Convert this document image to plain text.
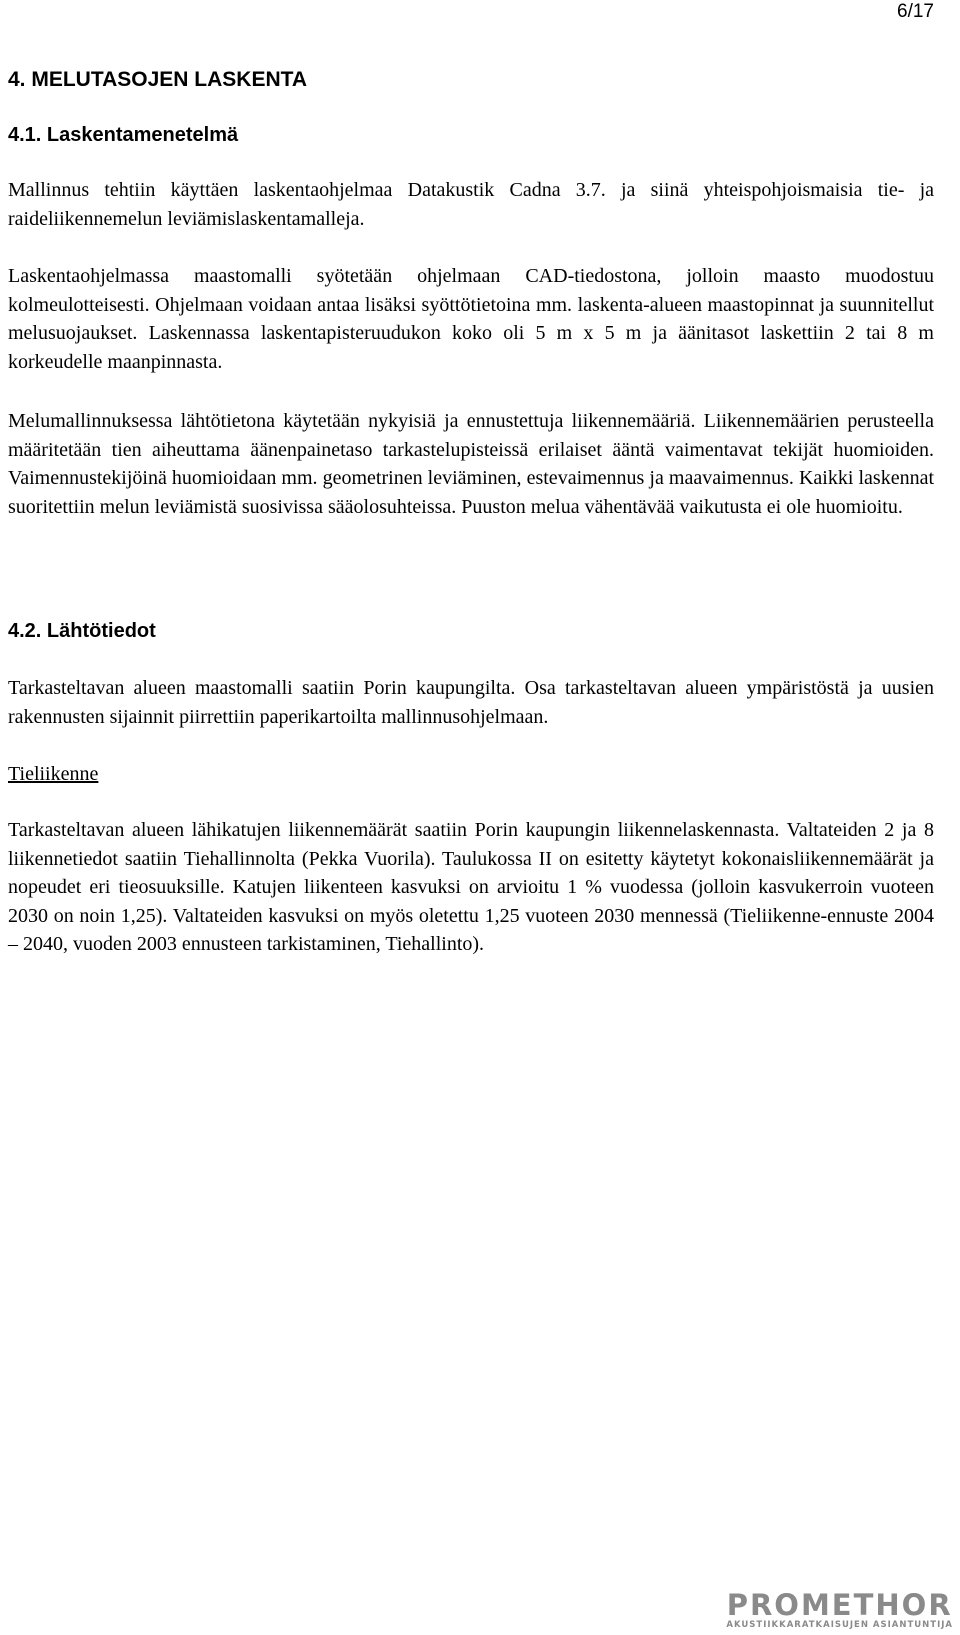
6/17
4. MELUTASOJEN LASKENTA
4.1. Laskentamenetelmä

Mallinnus tehtiin käyttäen laskentaohjelmaa Datakustik Cadna 3.7. ja siinä yhteispohjoismaisia tie- ja raideliikennemelun leviämislaskentamalleja.

Laskentaohjelmassa maastomalli syötetään ohjelmaan CAD-tiedostona, jolloin maasto muodostuu kolmeulotteisesti. Ohjelmaan voidaan antaa lisäksi syöttötietoina mm. laskenta-alueen maastopinnat ja suunnitellut melusuojaukset. Laskennassa laskentapisteruudukon koko oli 5 m x 5 m ja äänitasot laskettiin 2 tai 8 m korkeudelle maanpinnasta.

Melumallinnuksessa lähtötietona käytetään nykyisiä ja ennustettuja liikennemääriä. Liikennemäärien perusteella määritetään tien aiheuttama äänenpainetaso tarkastelupisteissä erilaiset ääntä vaimentavat tekijät huomioiden. Vaimennustekijöinä huomioidaan mm. geometrinen leviäminen, estevaimennus ja maavaimennus. Kaikki laskennat suoritettiin melun leviämistä suosivissa sääolosuhteissa. Puuston melua vähentävää vaikutusta ei ole huomioitu.

4.2. Lähtötiedot

Tarkasteltavan alueen maastomalli saatiin Porin kaupungilta. Osa tarkasteltavan alueen ympäristöstä ja uusien rakennusten sijainnit piirrettiin paperikartoilta mallinnusohjelmaan.

Tieliikenne

Tarkasteltavan alueen lähikatujen liikennemäärät saatiin Porin kaupungin liikennelaskennasta. Valtateiden 2 ja 8 liikennetiedot saatiin Tiehallinnolta (Pekka Vuorila). Taulukossa II on esitetty käytetyt kokonaisliikennemäärät ja nopeudet eri tieosuuksille. Katujen liikenteen kasvuksi on arvioitu 1 % vuodessa (jolloin kasvukerroin vuoteen 2030 on noin 1,25). Valtateiden kasvuksi on myös oletettu 1,25 vuoteen 2030 mennessä (Tieliikenne-ennuste 2004 – 2040, vuoden 2003 ennusteen tarkistaminen, Tiehallinto).

PROMETHOR
AKUSTIIKKARATKAISUJEN ASIANTUNTIJA
